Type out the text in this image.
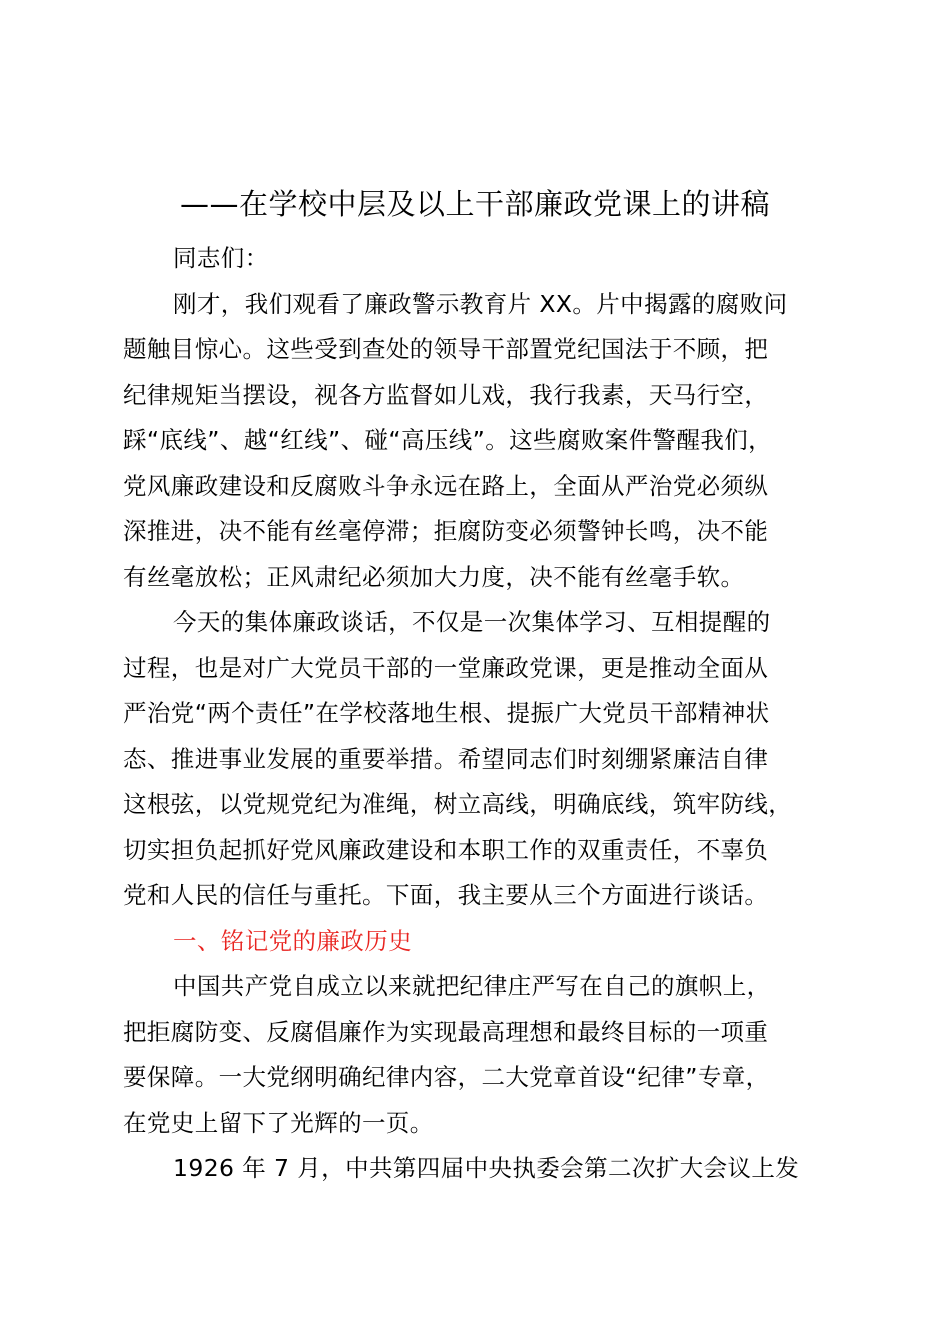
——在学校中层及以上干部廉政党课上的讲稿
同志们：
刚才，我们观看了廉政警示教育片 XX。片中揭露的腐败问
题触目惊心。这些受到查处的领导干部置党纪国法于不顾，把
纪律规矩当摆设，视各方监督如儿戏，我行我素，天马行空，
踩“底线”、越“红线”、碰“高压线”。这些腐败案件警醒我们，
党风廉政建设和反腐败斗争永远在路上，全面从严治党必须纵
深推进，决不能有丝毫停滞；拒腐防变必须警钟长鸣，决不能
有丝毫放松；正风肃纪必须加大力度，决不能有丝毫手软。
今天的集体廉政谈话，不仅是一次集体学习、互相提醒的
过程，也是对广大党员干部的一堂廉政党课，更是推动全面从
严治党“两个责任”在学校落地生根、提振广大党员干部精神状
态、推进事业发展的重要举措。希望同志们时刻绷紧廉洁自律
这根弦，以党规党纪为准绳，树立高线，明确底线，筑牢防线，
切实担负起抓好党风廉政建设和本职工作的双重责任，不辜负
党和人民的信任与重托。下面，我主要从三个方面进行谈话。
一、铭记党的廉政历史
中国共产党自成立以来就把纪律庄严写在自己的旗帜上，
把拒腐防变、反腐倡廉作为实现最高理想和最终目标的一项重
要保障。一大党纲明确纪律内容，二大党章首设“纪律”专章，
在党史上留下了光辉的一页。
1926 年 7 月，中共第四届中央执委会第二次扩大会议上发
